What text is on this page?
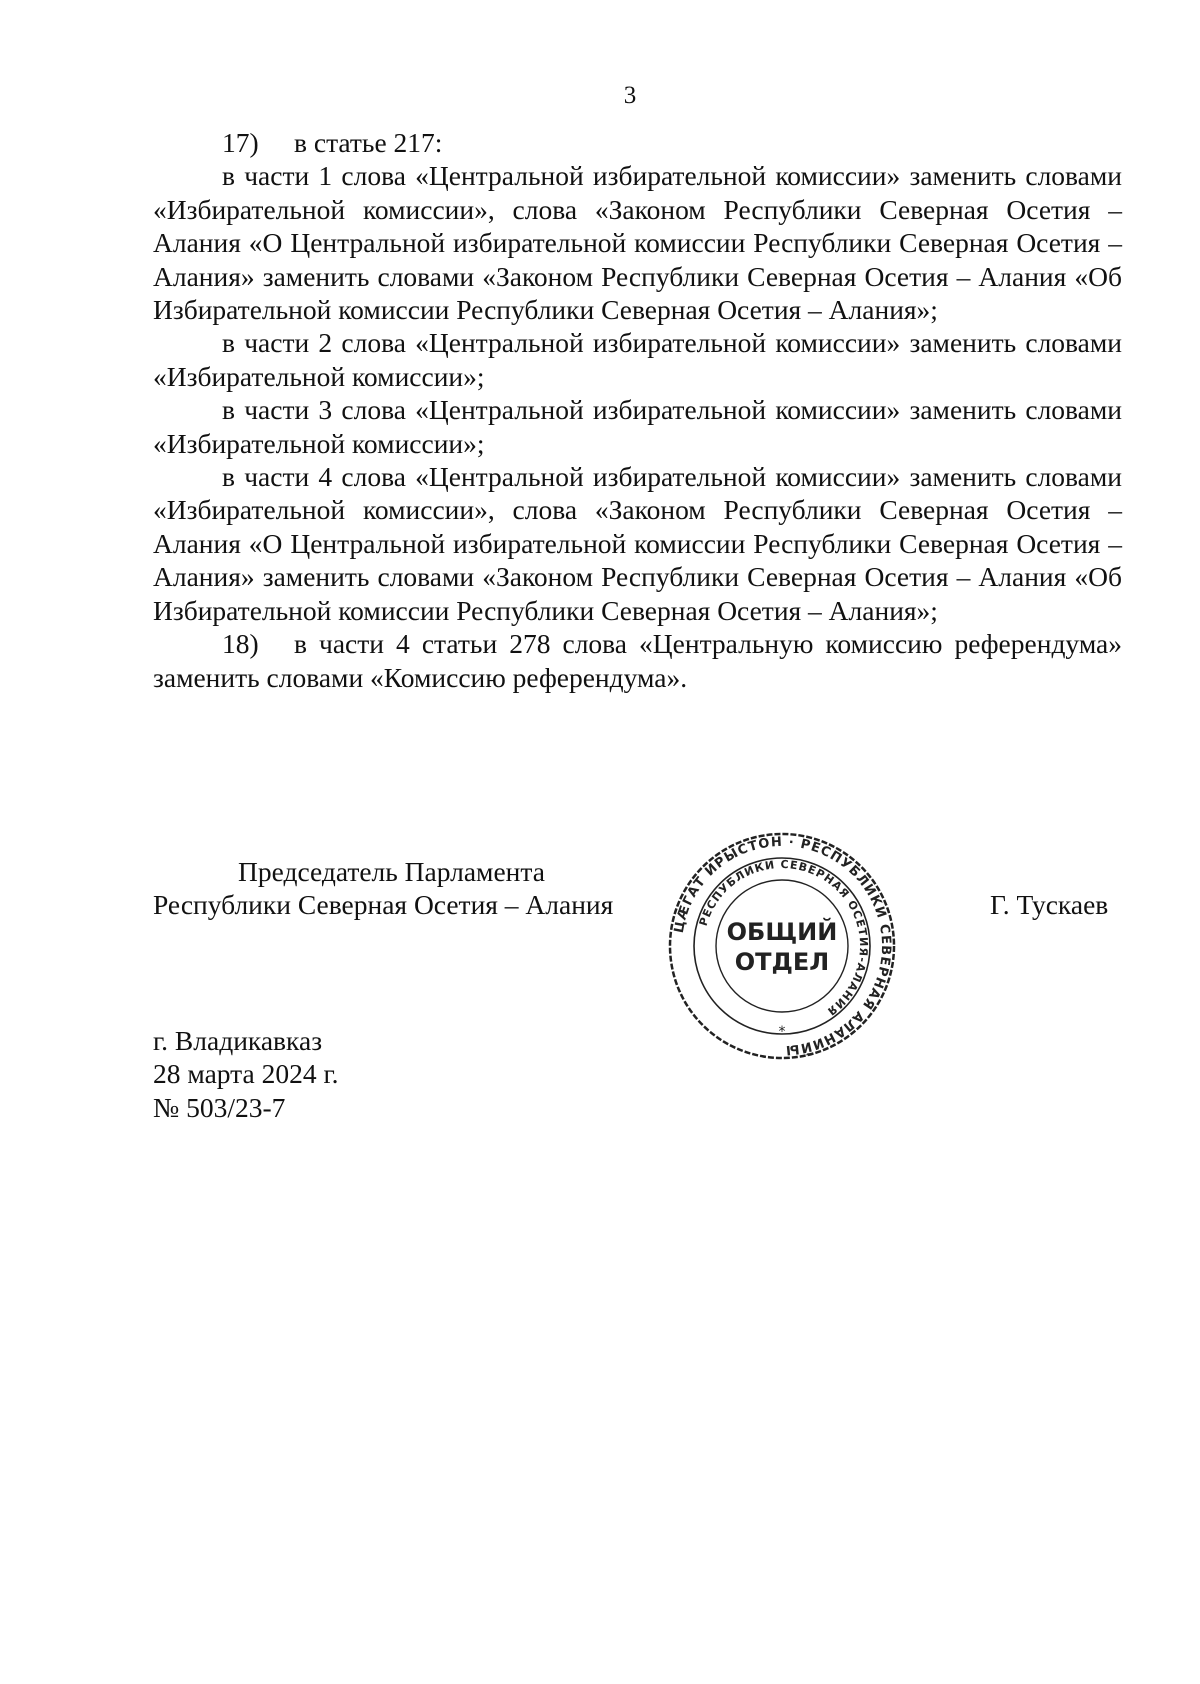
3

17) в статье 217:

в части 1 слова «Центральной избирательной комиссии» заменить словами «Избирательной комиссии», слова «Законом Республики Северная Осетия – Алания «О Центральной избирательной комиссии Республики Северная Осетия – Алания» заменить словами «Законом Республики Северная Осетия – Алания «Об Избирательной комиссии Республики Северная Осетия – Алания»;

в части 2 слова «Центральной избирательной комиссии» заменить словами «Избирательной комиссии»;

в части 3 слова «Центральной избирательной комиссии» заменить словами «Избирательной комиссии»;

в части 4 слова «Центральной избирательной комиссии» заменить словами «Избирательной комиссии», слова «Законом Республики Северная Осетия – Алания «О Центральной избирательной комиссии Республики Северная Осетия – Алания» заменить словами «Законом Республики Северная Осетия – Алания «Об Избирательной комиссии Республики Северная Осетия – Алания»;

18) в части 4 статьи 278 слова «Центральную комиссию референдума» заменить словами «Комиссию референдума».

Председатель Парламента
Республики Северная Осетия – Алания
ЦÆГАТ ИРЫСТОН · РЕСПУБЛИКИ СЕВЕРНАЯ АЛАНИЙЫ
РЕСПУБЛИКИ СЕВЕРНАЯ ОСЕТИЯ-АЛАНИЯ
ОБЩИЙ
ОТДЕЛ
*
Г. Тускаев
г. Владикавказ
28 марта 2024 г.
№ 503/23-7
